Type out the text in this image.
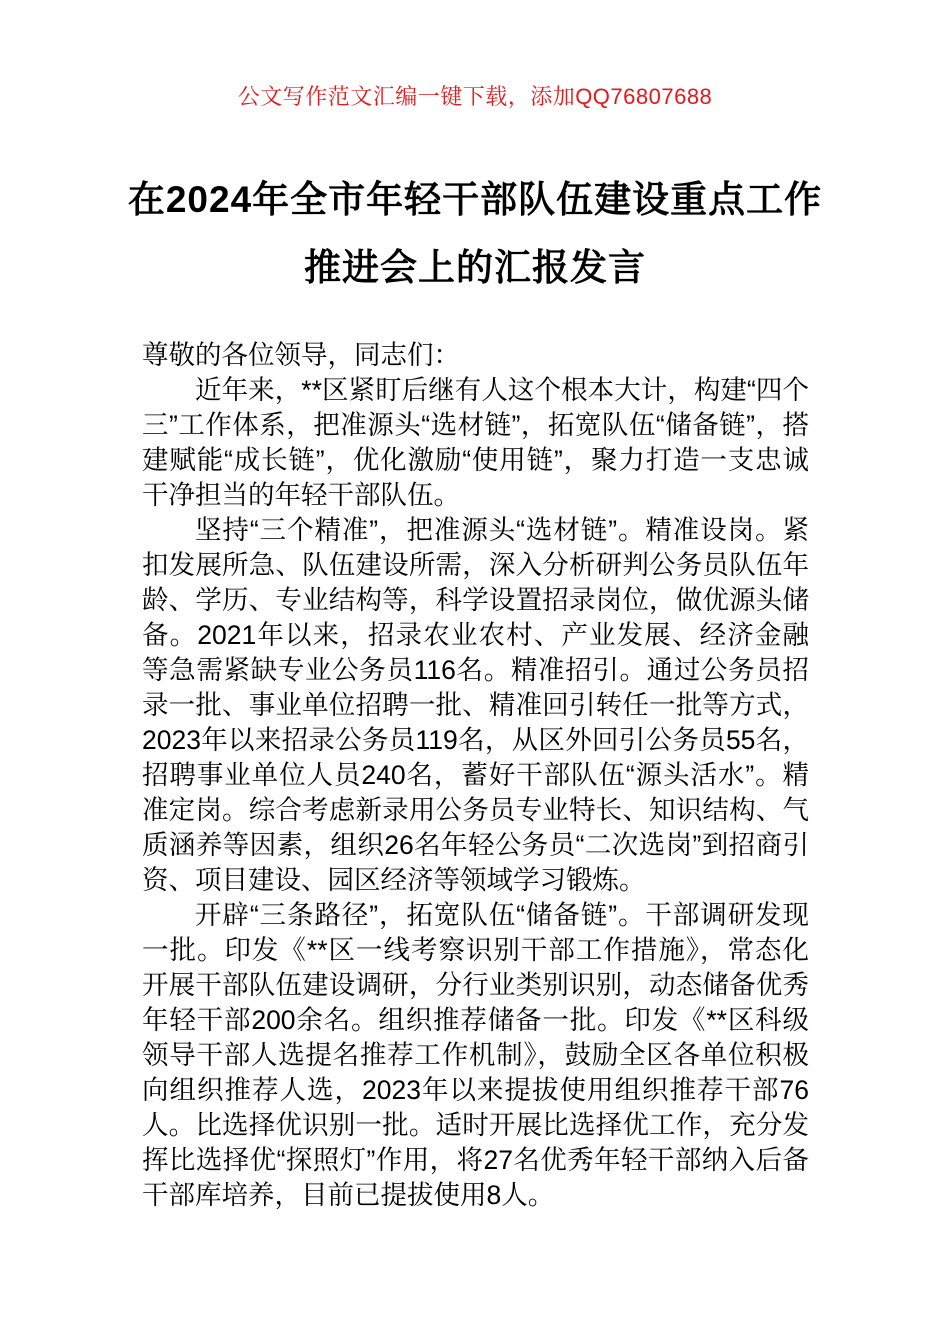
公文写作范文汇编一键下载，添加QQ76807688
在2024年全市年轻干部队伍建设重点工作
推进会上的汇报发言

尊敬的各位领导，同志们：

近年来，**区紧盯后继有人这个根本大计，构建“四个三”工作体系，把准源头“选材链”，拓宽队伍“储备链”，搭建赋能“成长链”，优化激励“使用链”，聚力打造一支忠诚干净担当的年轻干部队伍。

坚持“三个精准”，把准源头“选材链”。精准设岗。紧扣发展所急、队伍建设所需，深入分析研判公务员队伍年龄、学历、专业结构等，科学设置招录岗位，做优源头储备。2021年以来，招录农业农村、产业发展、经济金融等急需紧缺专业公务员116名。精准招引。通过公务员招录一批、事业单位招聘一批、精准回引转任一批等方式，2023年以来招录公务员119名，从区外回引公务员55名，招聘事业单位人员240名，蓄好干部队伍“源头活水”。精准定岗。综合考虑新录用公务员专业特长、知识结构、气质涵养等因素，组织26名年轻公务员“二次选岗”到招商引资、项目建设、园区经济等领域学习锻炼。

开辟“三条路径”，拓宽队伍“储备链”。干部调研发现一批。印发《**区一线考察识别干部工作措施》，常态化开展干部队伍建设调研，分行业类别识别，动态储备优秀年轻干部200余名。组织推荐储备一批。印发《**区科级领导干部人选提名推荐工作机制》，鼓励全区各单位积极向组织推荐人选，2023年以来提拔使用组织推荐干部76人。比选择优识别一批。适时开展比选择优工作，充分发挥比选择优“探照灯”作用，将27名优秀年轻干部纳入后备干部库培养，目前已提拔使用8人。
